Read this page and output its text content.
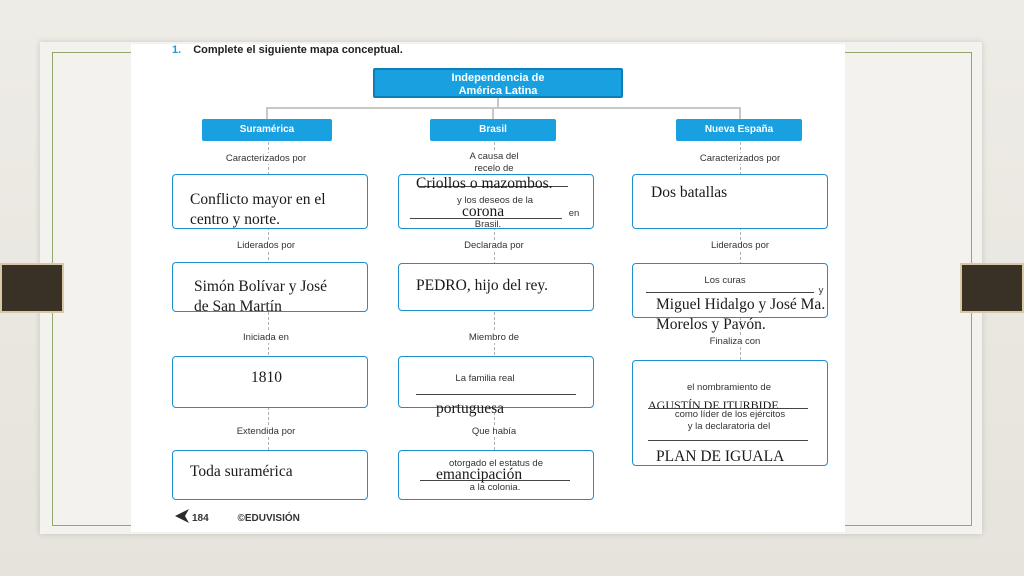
1. Complete el siguiente mapa conceptual.
Independencia de
América Latina
Suramérica	Brasil	Nueva España
Caracterizados por
Conflicto mayor en el centro y norte.
Liderados por
Simón Bolívar y José de San Martín
Iniciada en
1810
Extendida por
Toda suramérica
A causa del
recelo de
y los deseos de la
en
Brasil.
Criollos o mazombos.
corona
Declarada por
PEDRO, hijo del rey.
Miembro de
La familia real
portuguesa
Que había
otorgado el estatus de
a la colonia.
emancipación
Caracterizados por
Dos batallas
Liderados por
Los curas
y
Miguel Hidalgo y José Ma. Morelos y Pavón.
Finaliza con
el nombramiento de
AGUSTÍN DE ITURBIDE
como líder de los ejércitos
y la declaratoria del
PLAN DE IGUALA
184	©EDUVISIÓN
